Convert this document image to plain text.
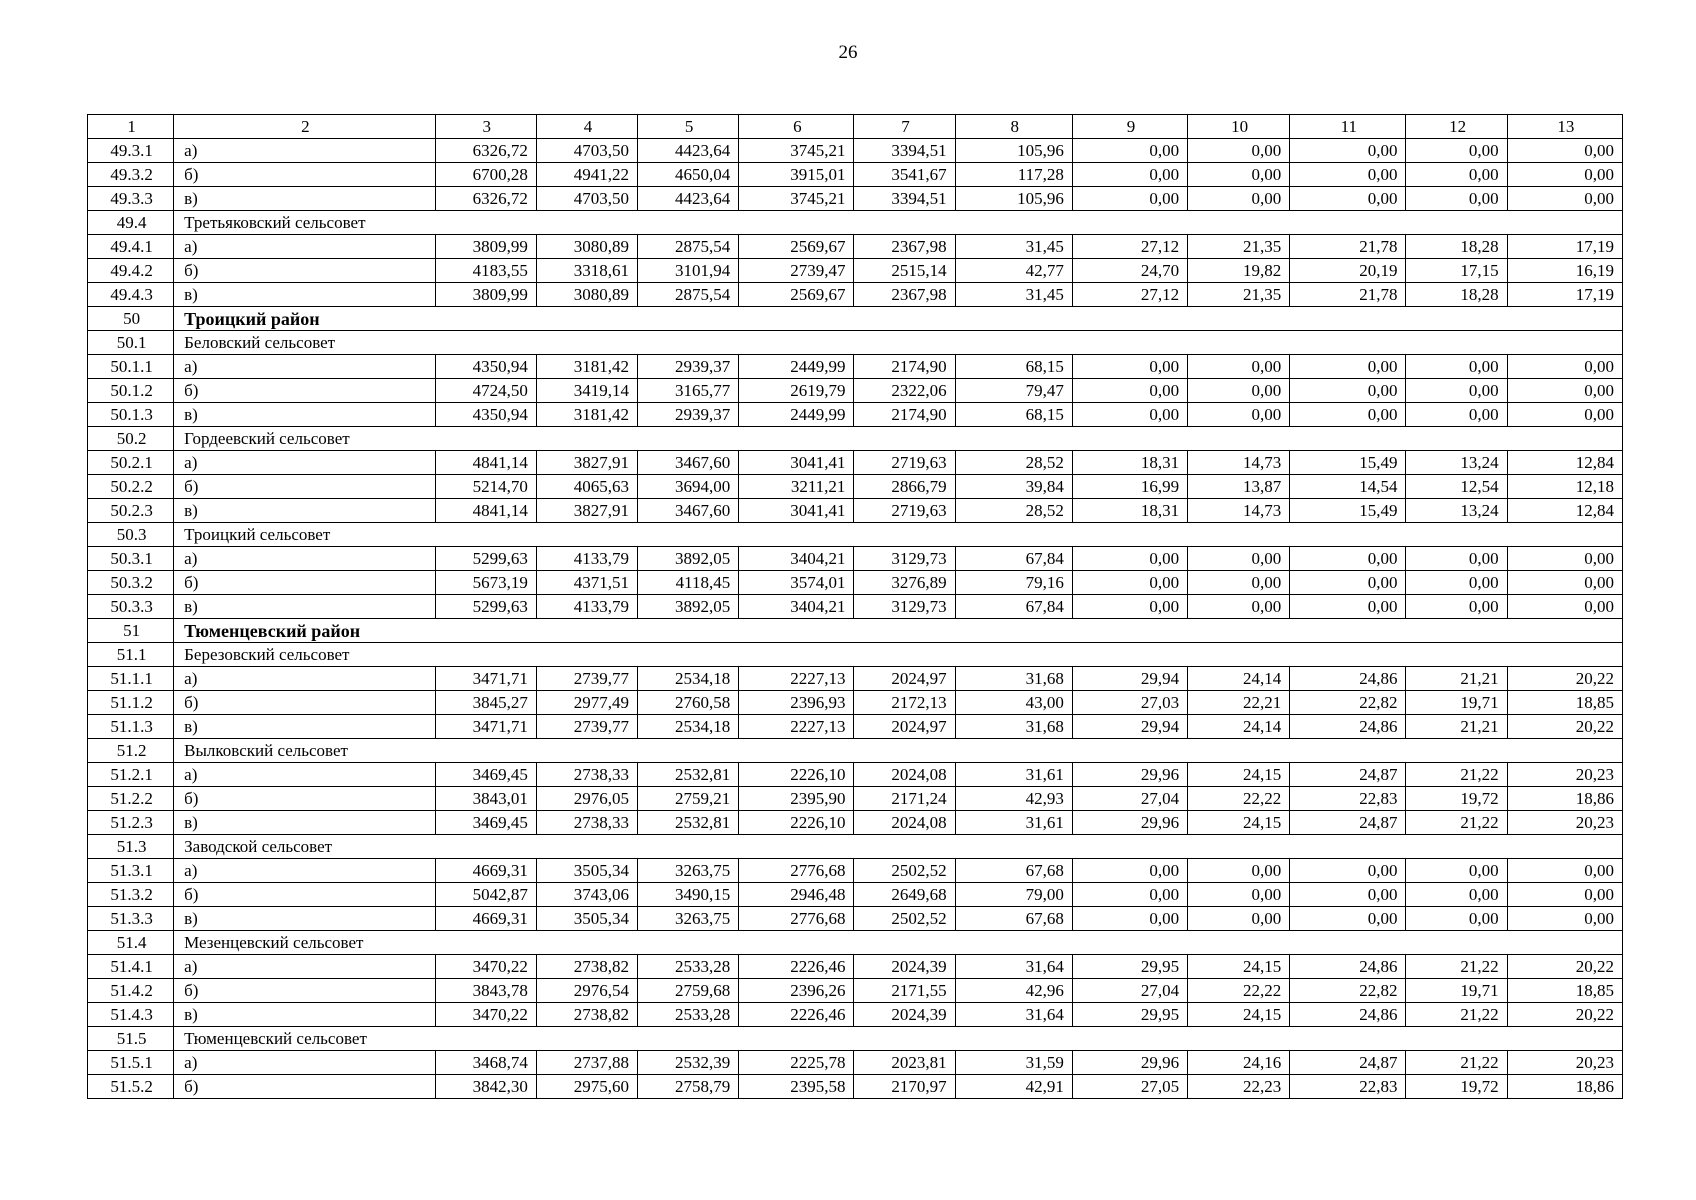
26
1	2	3	4	5	6	7	8	9	10	11	12	13
49.3.1	а)	6326,72	4703,50	4423,64	3745,21	3394,51	105,96	0,00	0,00	0,00	0,00	0,00
49.3.2	б)	6700,28	4941,22	4650,04	3915,01	3541,67	117,28	0,00	0,00	0,00	0,00	0,00
49.3.3	в)	6326,72	4703,50	4423,64	3745,21	3394,51	105,96	0,00	0,00	0,00	0,00	0,00
49.4	Третьяковский сельсовет											
49.4.1	а)	3809,99	3080,89	2875,54	2569,67	2367,98	31,45	27,12	21,35	21,78	18,28	17,19
49.4.2	б)	4183,55	3318,61	3101,94	2739,47	2515,14	42,77	24,70	19,82	20,19	17,15	16,19
49.4.3	в)	3809,99	3080,89	2875,54	2569,67	2367,98	31,45	27,12	21,35	21,78	18,28	17,19
50	Троицкий район											
50.1	Беловский сельсовет											
50.1.1	а)	4350,94	3181,42	2939,37	2449,99	2174,90	68,15	0,00	0,00	0,00	0,00	0,00
50.1.2	б)	4724,50	3419,14	3165,77	2619,79	2322,06	79,47	0,00	0,00	0,00	0,00	0,00
50.1.3	в)	4350,94	3181,42	2939,37	2449,99	2174,90	68,15	0,00	0,00	0,00	0,00	0,00
50.2	Гордеевский сельсовет											
50.2.1	а)	4841,14	3827,91	3467,60	3041,41	2719,63	28,52	18,31	14,73	15,49	13,24	12,84
50.2.2	б)	5214,70	4065,63	3694,00	3211,21	2866,79	39,84	16,99	13,87	14,54	12,54	12,18
50.2.3	в)	4841,14	3827,91	3467,60	3041,41	2719,63	28,52	18,31	14,73	15,49	13,24	12,84
50.3	Троицкий сельсовет											
50.3.1	а)	5299,63	4133,79	3892,05	3404,21	3129,73	67,84	0,00	0,00	0,00	0,00	0,00
50.3.2	б)	5673,19	4371,51	4118,45	3574,01	3276,89	79,16	0,00	0,00	0,00	0,00	0,00
50.3.3	в)	5299,63	4133,79	3892,05	3404,21	3129,73	67,84	0,00	0,00	0,00	0,00	0,00
51	Тюменцевский район											
51.1	Березовский сельсовет											
51.1.1	а)	3471,71	2739,77	2534,18	2227,13	2024,97	31,68	29,94	24,14	24,86	21,21	20,22
51.1.2	б)	3845,27	2977,49	2760,58	2396,93	2172,13	43,00	27,03	22,21	22,82	19,71	18,85
51.1.3	в)	3471,71	2739,77	2534,18	2227,13	2024,97	31,68	29,94	24,14	24,86	21,21	20,22
51.2	Вылковский сельсовет											
51.2.1	а)	3469,45	2738,33	2532,81	2226,10	2024,08	31,61	29,96	24,15	24,87	21,22	20,23
51.2.2	б)	3843,01	2976,05	2759,21	2395,90	2171,24	42,93	27,04	22,22	22,83	19,72	18,86
51.2.3	в)	3469,45	2738,33	2532,81	2226,10	2024,08	31,61	29,96	24,15	24,87	21,22	20,23
51.3	Заводской сельсовет											
51.3.1	а)	4669,31	3505,34	3263,75	2776,68	2502,52	67,68	0,00	0,00	0,00	0,00	0,00
51.3.2	б)	5042,87	3743,06	3490,15	2946,48	2649,68	79,00	0,00	0,00	0,00	0,00	0,00
51.3.3	в)	4669,31	3505,34	3263,75	2776,68	2502,52	67,68	0,00	0,00	0,00	0,00	0,00
51.4	Мезенцевский сельсовет											
51.4.1	а)	3470,22	2738,82	2533,28	2226,46	2024,39	31,64	29,95	24,15	24,86	21,22	20,22
51.4.2	б)	3843,78	2976,54	2759,68	2396,26	2171,55	42,96	27,04	22,22	22,82	19,71	18,85
51.4.3	в)	3470,22	2738,82	2533,28	2226,46	2024,39	31,64	29,95	24,15	24,86	21,22	20,22
51.5	Тюменцевский сельсовет											
51.5.1	а)	3468,74	2737,88	2532,39	2225,78	2023,81	31,59	29,96	24,16	24,87	21,22	20,23
51.5.2	б)	3842,30	2975,60	2758,79	2395,58	2170,97	42,91	27,05	22,23	22,83	19,72	18,86
